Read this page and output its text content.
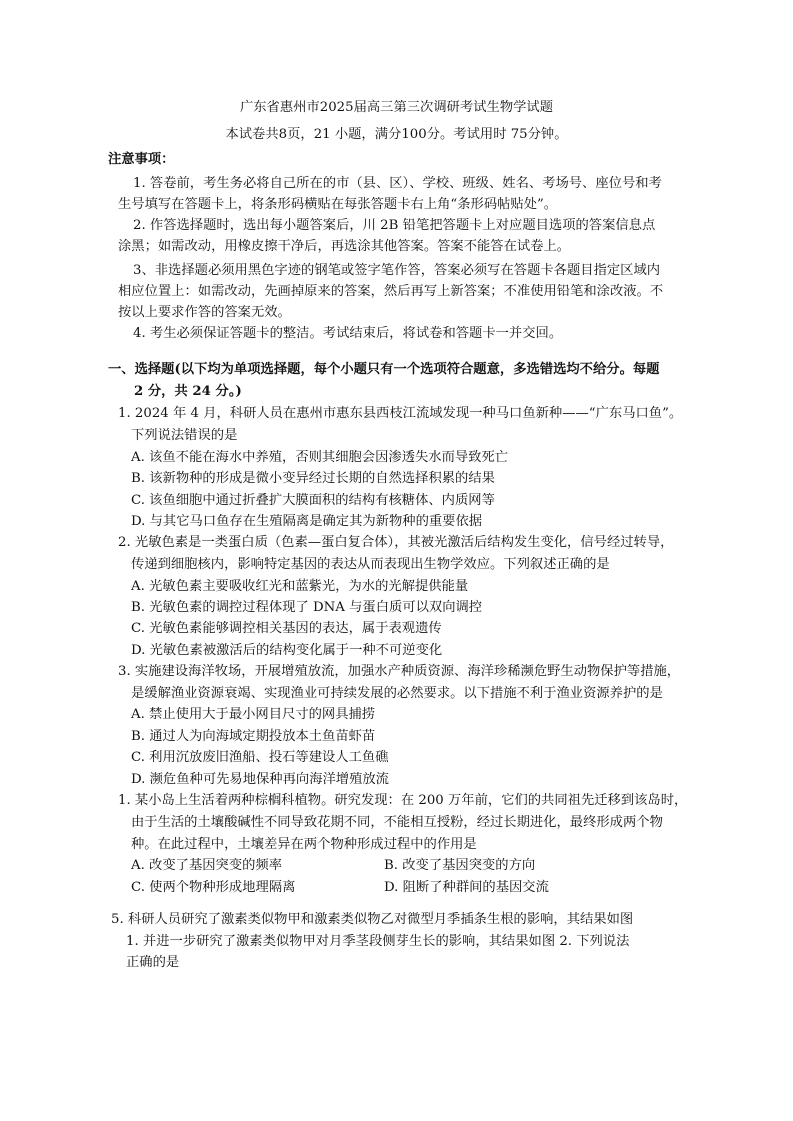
广东省惠州市2025届高三第三次调研考试生物学试题
本试卷共8页，21 小题，满分100分。考试用时 75分钟。
注意事项：
1. 答卷前，考生务必将自己所在的市（县、区）、学校、班级、姓名、考场号、座位号和考
生号填写在答题卡上，将条形码横贴在每张答题卡右上角“条形码帖贴处”。
2. 作答选择题时，选出每小题答案后，川 2B 铅笔把答题卡上对应题目选项的答案信息点
涂黑；如需改动，用橡皮擦干净后，再选涂其他答案。答案不能答在试卷上。
3、非选择题必须用黑色字迹的钢笔或签字笔作答，答案必须写在答题卡各题目指定区域内
相应位置上：如需改动，先画掉原来的答案，然后再写上新答案；不准使用铅笔和涂改液。不
按以上要求作答的答案无效。
4. 考生必须保证答题卡的整洁。考试结束后，将试卷和答题卡一并交回。
一、选择题(以下均为单项选择题，每个小题只有一个选项符合题意，多选错选均不给分。每题
2 分，共 24 分。)
1. 2024 年 4 月，科研人员在惠州市惠东县西枝江流域发现一种马口鱼新种——“广东马口鱼”。
下列说法错误的是
A. 该鱼不能在海水中养殖，否则其细胞会因渗透失水而导致死亡
B. 该新物种的形成是微小变异经过长期的自然选择积累的结果
C. 该鱼细胞中通过折叠扩大膜面积的结构有核糖体、内质网等
D. 与其它马口鱼存在生殖隔离是确定其为新物种的重要依据
2. 光敏色素是一类蛋白质（色素—蛋白复合体），其被光激活后结构发生变化，信号经过转导，
传递到细胞核内，影响特定基因的表达从而表现出生物学效应。下列叙述正确的是
A. 光敏色素主要吸收红光和蓝紫光，为水的光解提供能量
B. 光敏色素的调控过程体现了 DNA 与蛋白质可以双向调控
C. 光敏色素能够调控相关基因的表达，属于表观遗传
D. 光敏色素被激活后的结构变化属于一种不可逆变化
3. 实施建设海洋牧场，开展增殖放流，加强水产种质资源、海洋珍稀濒危野生动物保护等措施，
是缓解渔业资源衰竭、实现渔业可持续发展的必然要求。以下措施不利于渔业资源养护的是
A. 禁止使用大于最小网目尺寸的网具捕捞
B. 通过人为向海域定期投放本土鱼苗虾苗
C. 利用沉放废旧渔船、投石等建设人工鱼礁
D. 濒危鱼种可先易地保种再向海洋增殖放流
1. 某小岛上生活着两种棕榈科植物。研究发现：在 200 万年前，它们的共同祖先迁移到该岛时，
由于生活的土壤酸碱性不同导致花期不同，不能相互授粉，经过长期进化，最终形成两个物
种。在此过程中，土壤差异在两个物种形成过程中的作用是
A. 改变了基因突变的频率	B. 改变了基因突变的方向
C. 使两个物种形成地理隔离	D. 阻断了种群间的基因交流
5. 科研人员研究了激素类似物甲和激素类似物乙对微型月季插条生根的影响，其结果如图
1. 并进一步研究了激素类似物甲对月季茎段侧芽生长的影响，其结果如图 2. 下列说法
正确的是
